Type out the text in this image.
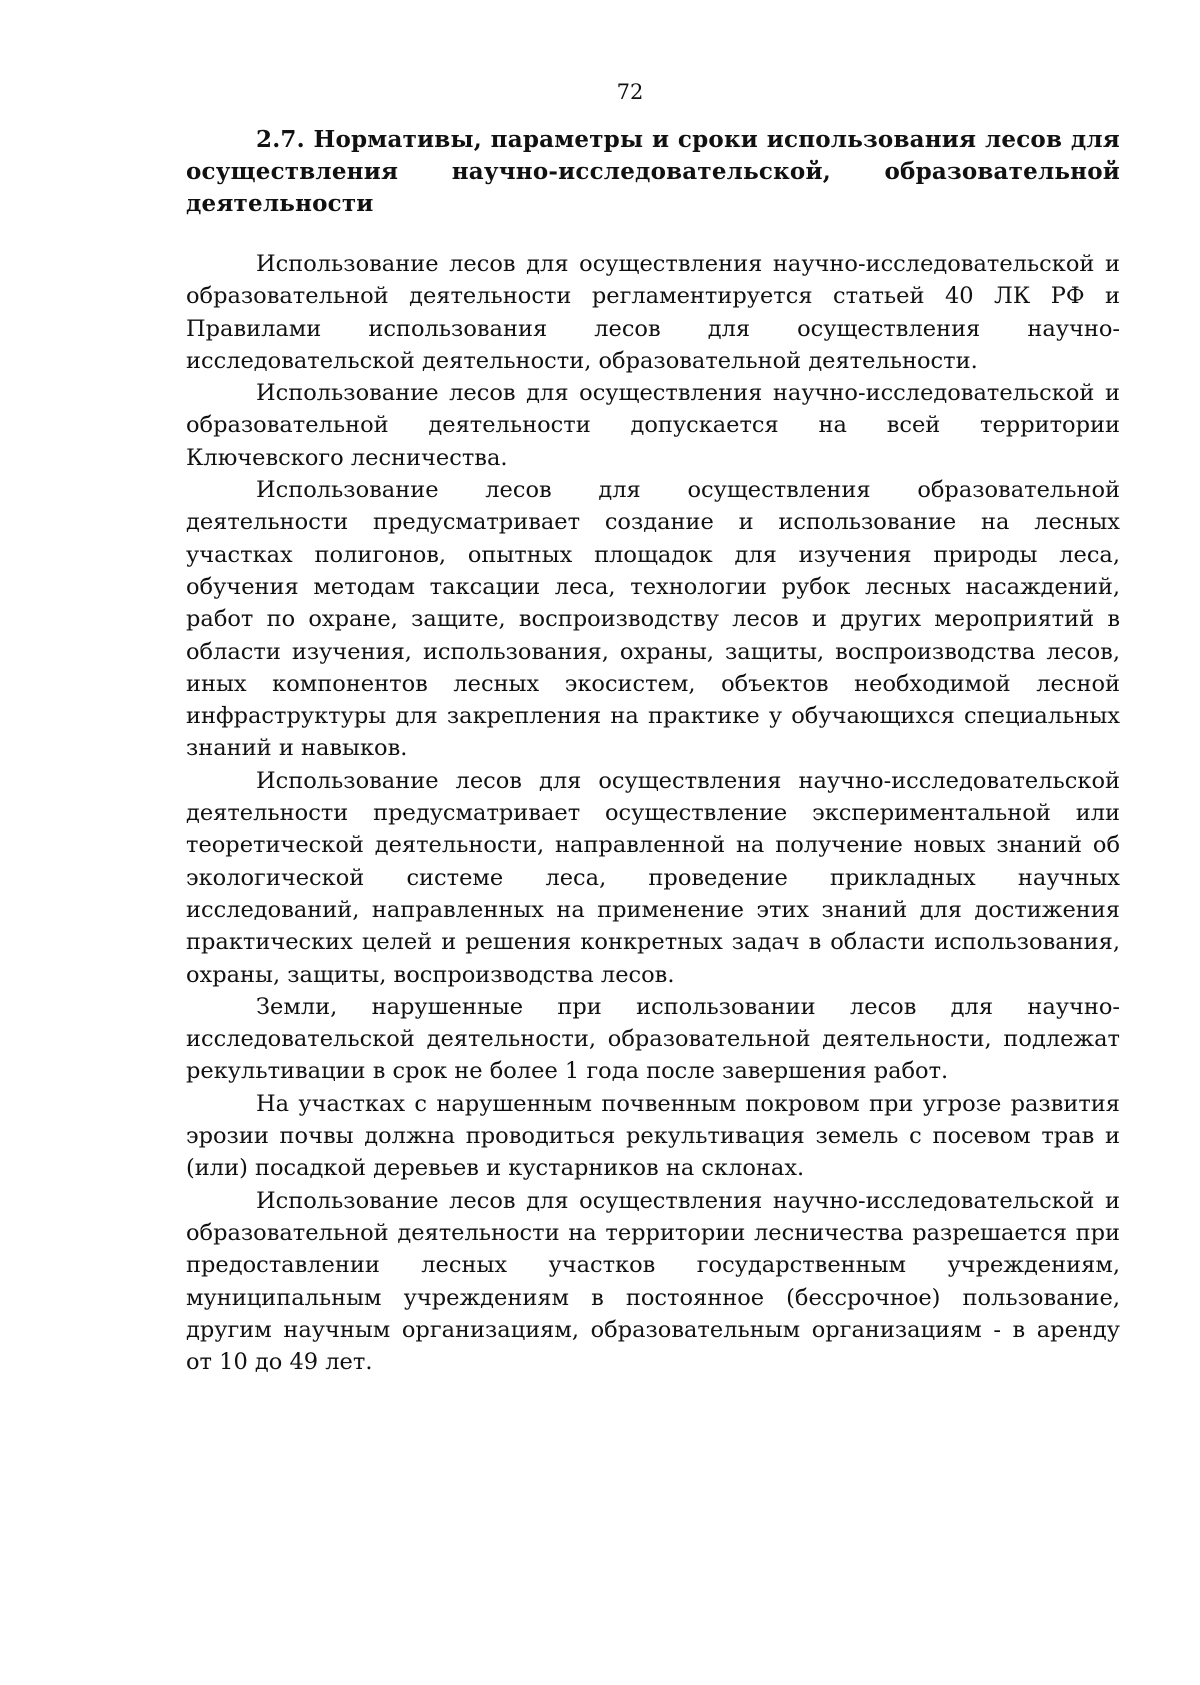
72
2.7. Нормативы, параметры и сроки использования лесов для осуществления научно-исследовательской, образовательной деятельности

Использование лесов для осуществления научно-исследовательской и образовательной деятельности регламентируется статьей 40 ЛК РФ и Правилами использования лесов для осуществления научно-исследовательской деятельности, образовательной деятельности.

Использование лесов для осуществления научно-исследовательской и образовательной деятельности допускается на всей территории Ключевского лесничества.

Использование лесов для осуществления образовательной деятельности предусматривает создание и использование на лесных участках полигонов, опытных площадок для изучения природы леса, обучения методам таксации леса, технологии рубок лесных насаждений, работ по охране, защите, воспроизводству лесов и других мероприятий в области изучения, использования, охраны, защиты, воспроизводства лесов, иных компонентов лесных экосистем, объектов необходимой лесной инфраструктуры для закрепления на практике у обучающихся специальных знаний и навыков.

Использование лесов для осуществления научно-исследовательской деятельности предусматривает осуществление экспериментальной или теоретической деятельности, направленной на получение новых знаний об экологической системе леса, проведение прикладных научных исследований, направленных на применение этих знаний для достижения практических целей и решения конкретных задач в области использования, охраны, защиты, воспроизводства лесов.

Земли, нарушенные при использовании лесов для научно-исследовательской деятельности, образовательной деятельности, подлежат рекультивации в срок не более 1 года после завершения работ.

На участках с нарушенным почвенным покровом при угрозе развития эрозии почвы должна проводиться рекультивация земель с посевом трав и (или) посадкой деревьев и кустарников на склонах.

Использование лесов для осуществления научно-исследовательской и образовательной деятельности на территории лесничества разрешается при предоставлении лесных участков государственным учреждениям, муниципальным учреждениям в постоянное (бессрочное) пользование, другим научным организациям, образовательным организациям - в аренду от 10 до 49 лет.
